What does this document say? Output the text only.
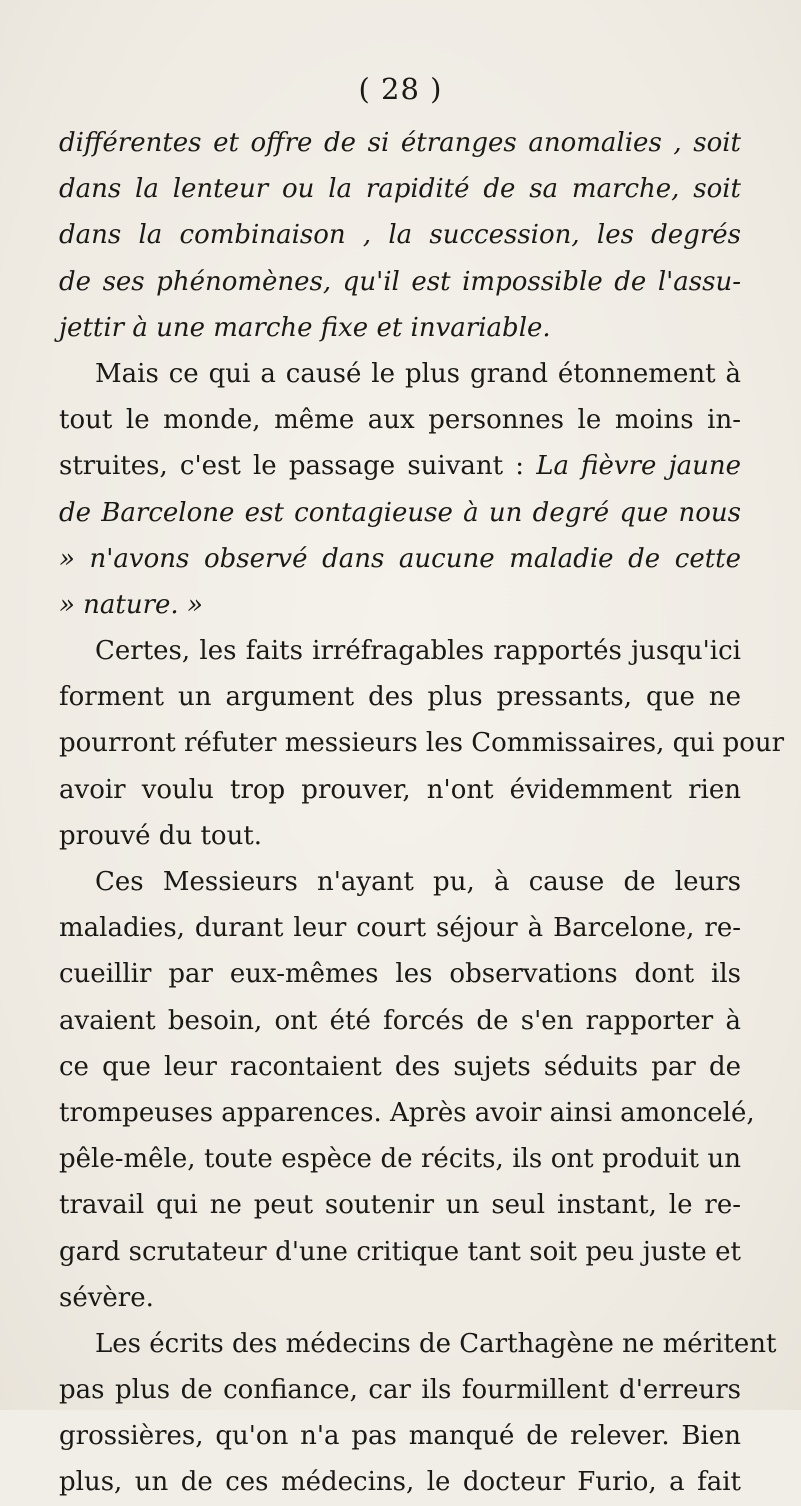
( 28 )
différentes et offre de si étranges anomalies , soit
dans la lenteur ou la rapidité de sa marche, soit
dans la combinaison , la succession, les degrés
de ses phénomènes, qu'il est impossible de l'assu-
jettir à une marche fixe et invariable.
Mais ce qui a causé le plus grand étonnement à
tout le monde, même aux personnes le moins in-
struites, c'est le passage suivant : La fièvre jaune
de Barcelone est contagieuse à un degré que nous
» n'avons observé dans aucune maladie de cette
» nature. »
Certes, les faits irréfragables rapportés jusqu'ici
forment un argument des plus pressants, que ne
pourront réfuter messieurs les Commissaires, qui pour
avoir voulu trop prouver, n'ont évidemment rien
prouvé du tout.
Ces Messieurs n'ayant pu, à cause de leurs
maladies, durant leur court séjour à Barcelone, re-
cueillir par eux-mêmes les observations dont ils
avaient besoin, ont été forcés de s'en rapporter à
ce que leur racontaient des sujets séduits par de
trompeuses apparences. Après avoir ainsi amoncelé,
pêle-mêle, toute espèce de récits, ils ont produit un
travail qui ne peut soutenir un seul instant, le re-
gard scrutateur d'une critique tant soit peu juste et
sévère.
Les écrits des médecins de Carthagène ne méritent
pas plus de confiance, car ils fourmillent d'erreurs
grossières, qu'on n'a pas manqué de relever. Bien
plus, un de ces médecins, le docteur Furio, a fait
